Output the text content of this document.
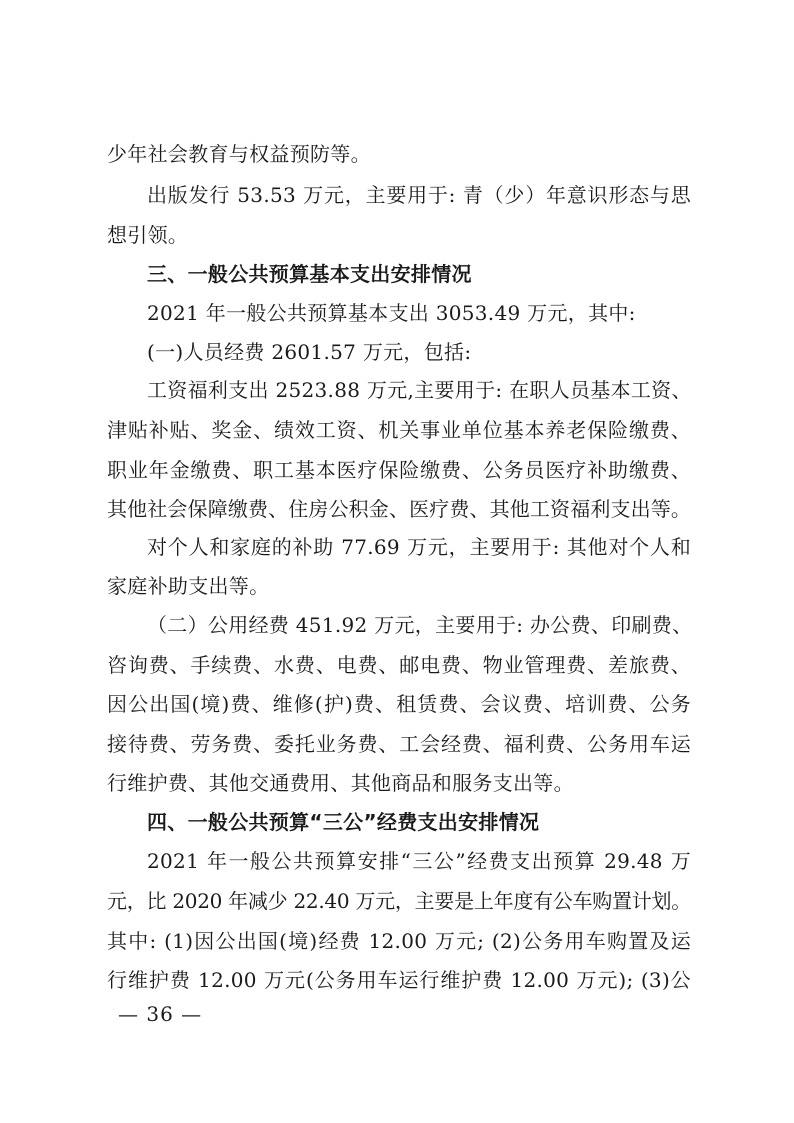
少年社会教育与权益预防等。
出版发行 53.53 万元，主要用于: 青（少）年意识形态与思
想引领。
三、一般公共预算基本支出安排情况
2021 年一般公共预算基本支出 3053.49 万元，其中:
(一)人员经费 2601.57 万元，包括:
工资福利支出 2523.88 万元,主要用于: 在职人员基本工资、
津贴补贴、奖金、绩效工资、机关事业单位基本养老保险缴费、
职业年金缴费、职工基本医疗保险缴费、公务员医疗补助缴费、
其他社会保障缴费、住房公积金、医疗费、其他工资福利支出等。
对个人和家庭的补助 77.69 万元，主要用于: 其他对个人和
家庭补助支出等。
（二）公用经费 451.92 万元，主要用于: 办公费、印刷费、
咨询费、手续费、水费、电费、邮电费、物业管理费、差旅费、
因公出国(境)费、维修(护)费、租赁费、会议费、培训费、公务
接待费、劳务费、委托业务费、工会经费、福利费、公务用车运
行维护费、其他交通费用、其他商品和服务支出等。
四、一般公共预算“三公”经费支出安排情况
2021 年一般公共预算安排“三公”经费支出预算 29.48 万
元，比 2020 年减少 22.40 万元，主要是上年度有公车购置计划。
其中: (1)因公出国(境)经费 12.00 万元; (2)公务用车购置及运
行维护费 12.00 万元(公务用车运行维护费 12.00 万元); (3)公
— 36 —
